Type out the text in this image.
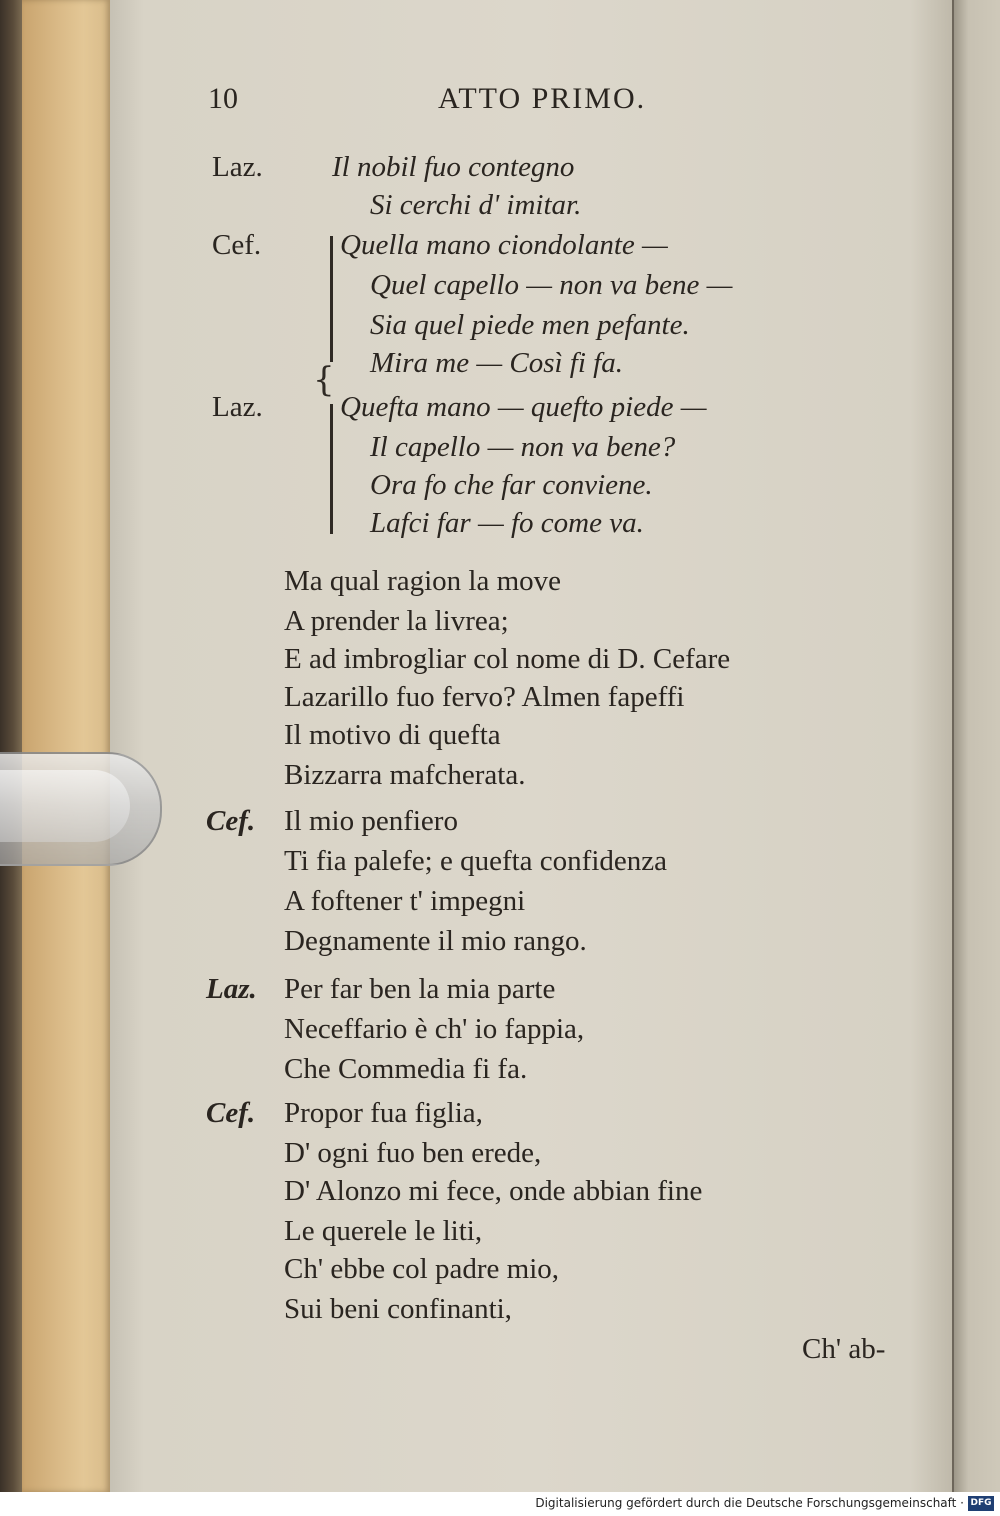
10	ATTO PRIMO.
Laz. Il nobil fuo contegno
Si cerchi d' imitar.
Cef.
Laz.
{
Quella mano ciondolante —
Quel capello — non va bene —
Sia quel piede men pefante.
Mira me — Così fi fa.
Quefta mano — quefto piede —
Il capello — non va bene?
Ora fo che far conviene.
Lafci far — fo come va.
Ma qual ragion la move
A prender la livrea;
E ad imbrogliar col nome di D. Cefare
Lazarillo fuo fervo? Almen fapeffi
Il motivo di quefta
Bizzarra mafcherata.
Cef. Il mio penfiero
Ti fia palefe; e quefta confidenza
A foftener t' impegni
Degnamente il mio rango.
Laz. Per far ben la mia parte
Neceffario è ch' io fappia,
Che Commedia fi fa.
Cef. Propor fua figlia,
D' ogni fuo ben erede,
D' Alonzo mi fece, onde abbian fine
Le querele le liti,
Ch' ebbe col padre mio,
Sui beni confinanti,
Ch' ab-
Digitalisierung gefördert durch die Deutsche Forschungsgemeinschaft · DFG
